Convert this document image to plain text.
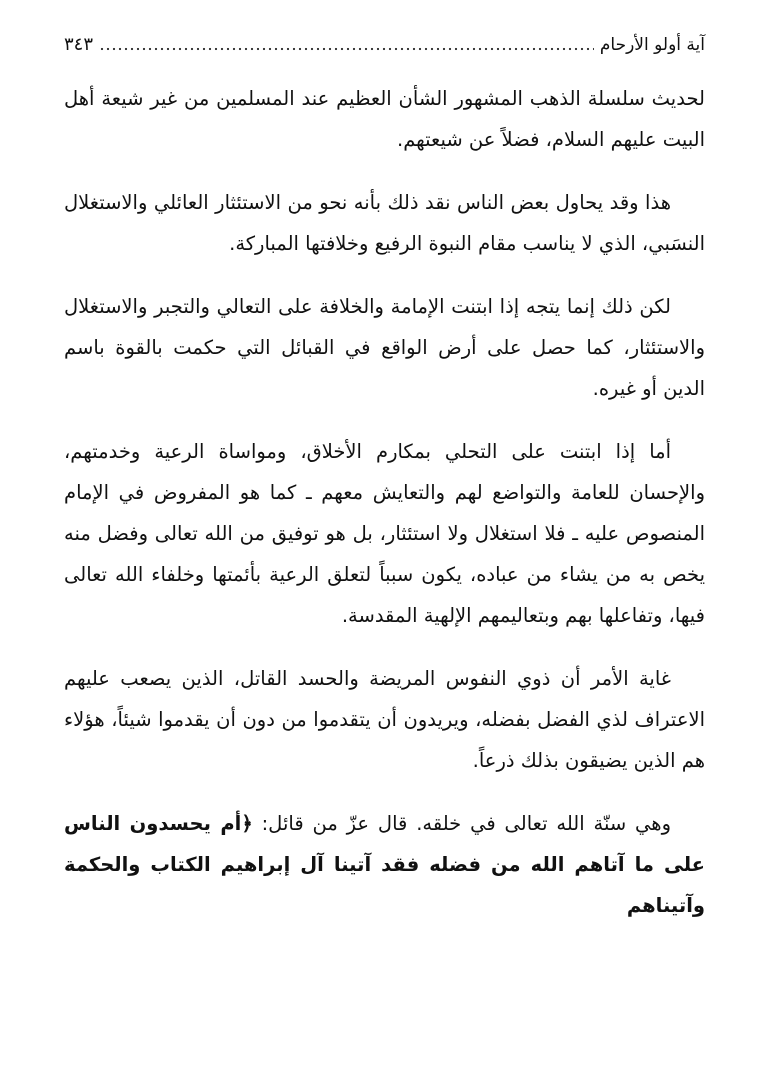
آية أولو الأرحام
٣٤٣

لحديث سلسلة الذهب المشهور الشأن العظيم عند المسلمين من غير شيعة أهل البيت عليهم السلام، فضلاً عن شيعتهم.

هذا وقد يحاول بعض الناس نقد ذلك بأنه نحو من الاستئثار العائلي والاستغلال النسَبي، الذي لا يناسب مقام النبوة الرفيع وخلافتها المباركة.

لكن ذلك إنما يتجه إذا ابتنت الإمامة والخلافة على التعالي والتجبر والاستغلال والاستئثار، كما حصل على أرض الواقع في القبائل التي حكمت بالقوة باسم الدين أو غيره.

أما إذا ابتنت على التحلي بمكارم الأخلاق، ومواساة الرعية وخدمتهم، والإحسان للعامة والتواضع لهم والتعايش معهم ـ كما هو المفروض في الإمام المنصوص عليه ـ فلا استغلال ولا استئثار، بل هو توفيق من الله تعالى وفضل منه يخص به من يشاء من عباده، يكون سبباً لتعلق الرعية بأئمتها وخلفاء الله تعالى فيها، وتفاعلها بهم وبتعاليمهم الإلهية المقدسة.

غاية الأمر أن ذوي النفوس المريضة والحسد القاتل، الذين يصعب عليهم الاعتراف لذي الفضل بفضله، ويريدون أن يتقدموا من دون أن يقدموا شيئاً، هؤلاء هم الذين يضيقون بذلك ذرعاً.

وهي سنّة الله تعالى في خلقه. قال عزّ من قائل: ﴿أم يحسدون الناس على ما آتاهم الله من فضله فقد آتينا آل إبراهيم الكتاب والحكمة وآتيناهم
